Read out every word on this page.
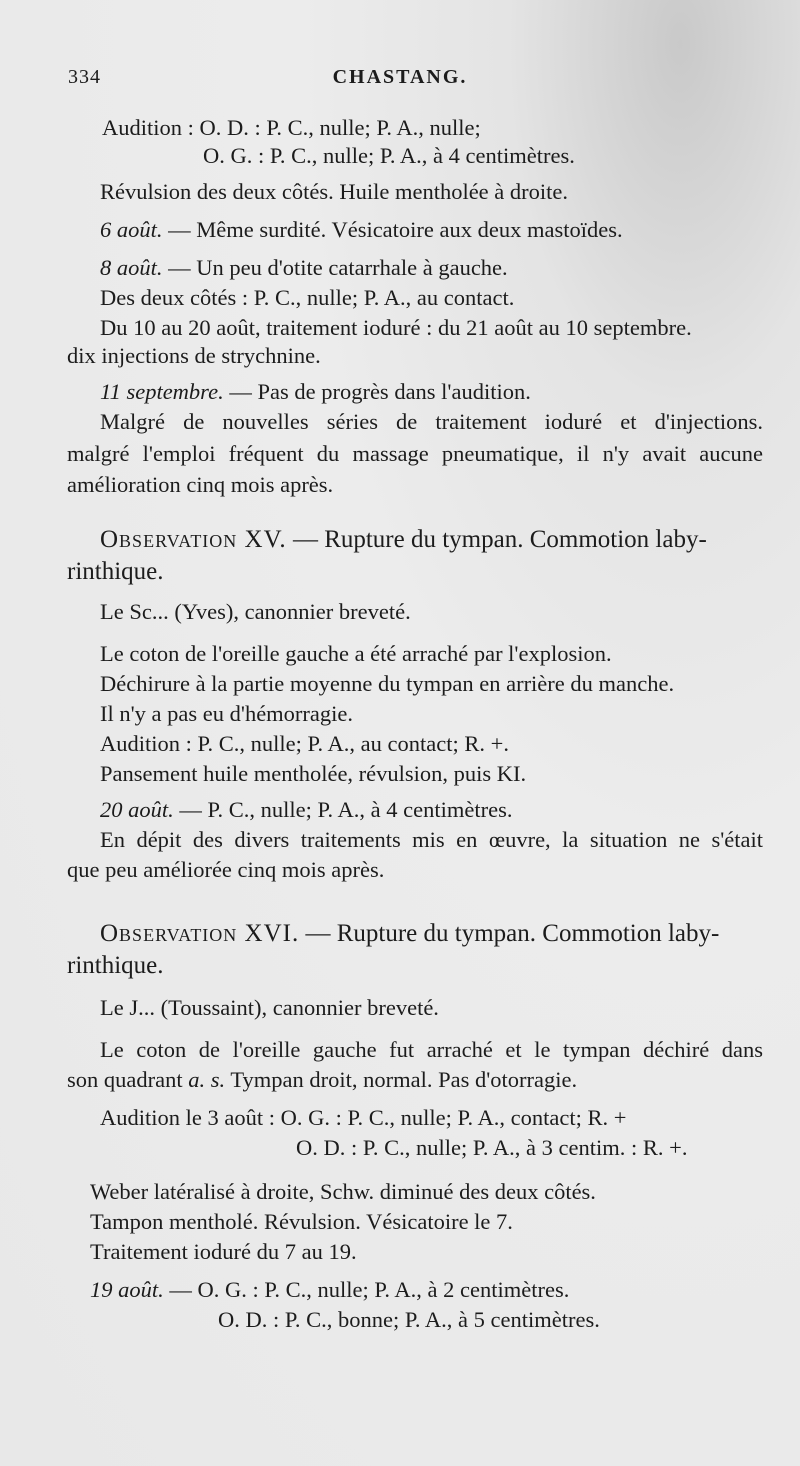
334	CHASTANG.
Audition : O. D. : P. C., nulle; P. A., nulle;
O. G. : P. C., nulle; P. A., à 4 centimètres.
Révulsion des deux côtés. Huile mentholée à droite.
6 août. — Même surdité. Vésicatoire aux deux mastoïdes.
8 août. — Un peu d'otite catarrhale à gauche.
Des deux côtés : P. C., nulle; P. A., au contact.
Du 10 au 20 août, traitement ioduré : du 21 août au 10 septembre.
dix injections de strychnine.
11 septembre. — Pas de progrès dans l'audition.
Malgré de nouvelles séries de traitement ioduré et d'injections.
malgré l'emploi fréquent du massage pneumatique, il n'y avait aucune
amélioration cinq mois après.
Observation XV. — Rupture du tympan. Commotion laby-
rinthique.
Le Sc... (Yves), canonnier breveté.
Le coton de l'oreille gauche a été arraché par l'explosion.
Déchirure à la partie moyenne du tympan en arrière du manche.
Il n'y a pas eu d'hémorragie.
Audition : P. C., nulle; P. A., au contact; R. +.
Pansement huile mentholée, révulsion, puis KI.
20 août. — P. C., nulle; P. A., à 4 centimètres.
En dépit des divers traitements mis en œuvre, la situation ne s'était
que peu améliorée cinq mois après.
Observation XVI. — Rupture du tympan. Commotion laby-
rinthique.
Le J... (Toussaint), canonnier breveté.
Le coton de l'oreille gauche fut arraché et le tympan déchiré dans
son quadrant a. s. Tympan droit, normal. Pas d'otorragie.
Audition le 3 août : O. G. : P. C., nulle; P. A., contact; R. +
O. D. : P. C., nulle; P. A., à 3 centim. : R. +.
Weber latéralisé à droite, Schw. diminué des deux côtés.
Tampon mentholé. Révulsion. Vésicatoire le 7.
Traitement ioduré du 7 au 19.
19 août. — O. G. : P. C., nulle; P. A., à 2 centimètres.
O. D. : P. C., bonne; P. A., à 5 centimètres.
